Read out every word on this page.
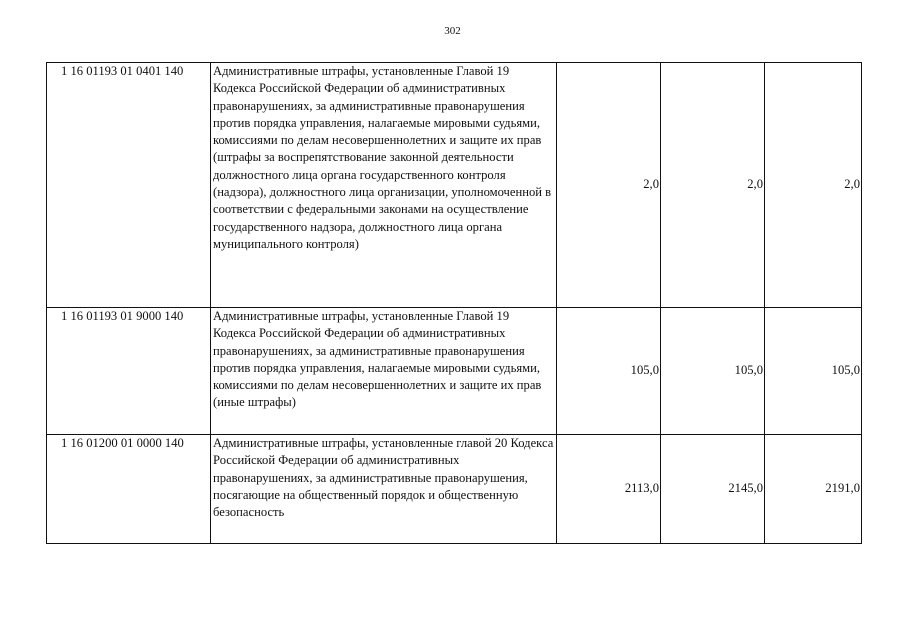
302
1 16 01193 01 0401 140	Административные штрафы, установленные Главой 19 Кодекса Российской Федерации об административных правонарушениях, за административные правонарушения против порядка управления, налагаемые мировыми судьями, комиссиями по делам несовершеннолетних и защите их прав (штрафы за воспрепятствование законной деятельности должностного лица органа государственного контроля (надзора), должностного лица организации, уполномоченной в соответствии с федеральными законами на осуществление государственного надзора, должностного лица органа муниципального контроля)	2,0	2,0	2,0
1 16 01193 01 9000 140	Административные штрафы, установленные Главой 19 Кодекса Российской Федерации об административных правонарушениях, за административные правонарушения против порядка управления, налагаемые мировыми судьями, комиссиями по делам несовершеннолетних и защите их прав (иные штрафы)	105,0	105,0	105,0
1 16 01200 01 0000 140	Административные штрафы, установленные главой 20 Кодекса Российской Федерации об административных правонарушениях, за административные правонарушения, посягающие на общественный порядок и общественную безопасность	2113,0	2145,0	2191,0
